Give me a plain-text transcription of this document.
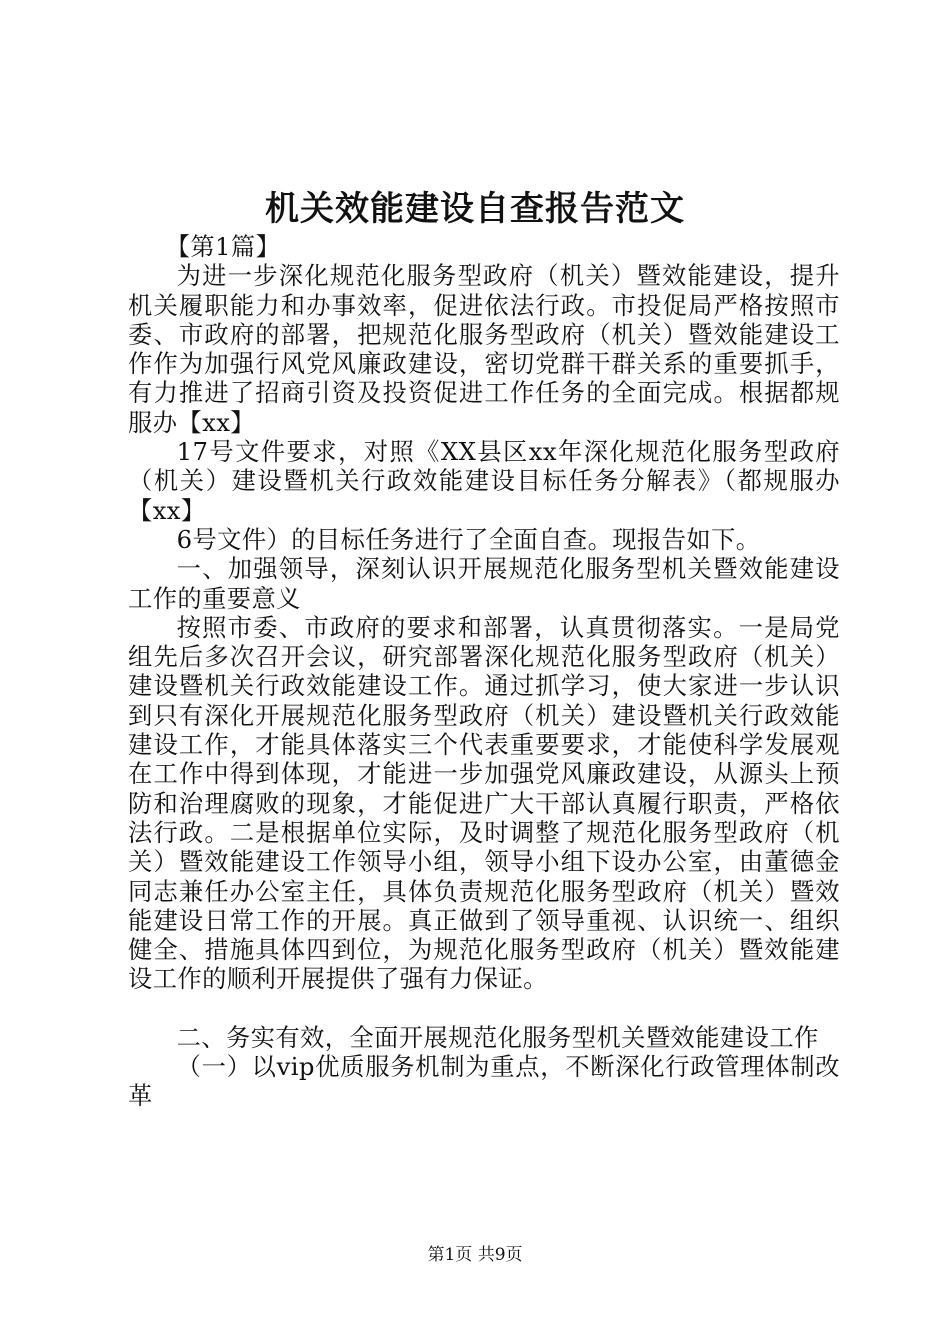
机关效能建设自查报告范文

【第1篇】

为进一步深化规范化服务型政府（机关）暨效能建设，提升机关履职能力和办事效率，促进依法行政。市投促局严格按照市委、市政府的部署，把规范化服务型政府（机关）暨效能建设工作作为加强行风党风廉政建设，密切党群干群关系的重要抓手，有力推进了招商引资及投资促进工作任务的全面完成。根据都规服办【xx】

17号文件要求，对照《XX县区xx年深化规范化服务型政府（机关）建设暨机关行政效能建设目标任务分解表》（都规服办【xx】

6号文件）的目标任务进行了全面自查。现报告如下。

一、加强领导，深刻认识开展规范化服务型机关暨效能建设工作的重要意义

按照市委、市政府的要求和部署，认真贯彻落实。一是局党组先后多次召开会议，研究部署深化规范化服务型政府（机关）建设暨机关行政效能建设工作。通过抓学习，使大家进一步认识到只有深化开展规范化服务型政府（机关）建设暨机关行政效能建设工作，才能具体落实三个代表重要要求，才能使科学发展观在工作中得到体现，才能进一步加强党风廉政建设，从源头上预防和治理腐败的现象，才能促进广大干部认真履行职责，严格依法行政。二是根据单位实际，及时调整了规范化服务型政府（机关）暨效能建设工作领导小组，领导小组下设办公室，由董德金同志兼任办公室主任，具体负责规范化服务型政府（机关）暨效能建设日常工作的开展。真正做到了领导重视、认识统一、组织健全、措施具体四到位，为规范化服务型政府（机关）暨效能建设工作的顺利开展提供了强有力保证。

二、务实有效，全面开展规范化服务型机关暨效能建设工作

（一）以vip优质服务机制为重点，不断深化行政管理体制改革

第1页 共9页
